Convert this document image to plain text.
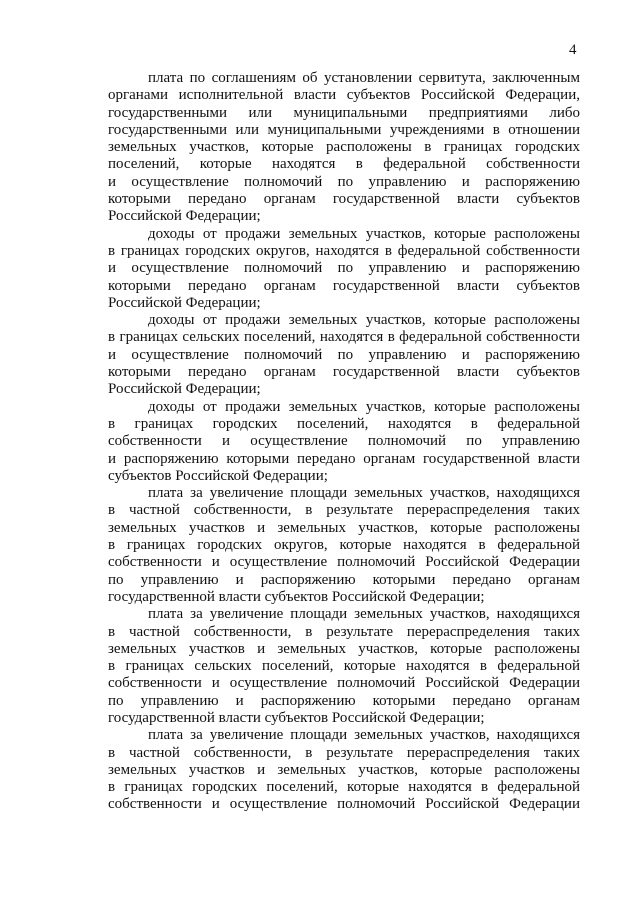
4
плата по соглашениям об установлении сервитута, заключенным
органами исполнительной власти субъектов Российской Федерации,
государственными или муниципальными предприятиями либо
государственными или муниципальными учреждениями в отношении
земельных участков, которые расположены в границах городских
поселений, которые находятся в федеральной собственности
и осуществление полномочий по управлению и распоряжению
которыми передано органам государственной власти субъектов
Российской Федерации;
доходы от продажи земельных участков, которые расположены
в границах городских округов, находятся в федеральной собственности
и осуществление полномочий по управлению и распоряжению
которыми передано органам государственной власти субъектов
Российской Федерации;
доходы от продажи земельных участков, которые расположены
в границах сельских поселений, находятся в федеральной собственности
и осуществление полномочий по управлению и распоряжению
которыми передано органам государственной власти субъектов
Российской Федерации;
доходы от продажи земельных участков, которые расположены
в границах городских поселений, находятся в федеральной
собственности и осуществление полномочий по управлению
и распоряжению которыми передано органам государственной власти
субъектов Российской Федерации;
плата за увеличение площади земельных участков, находящихся
в частной собственности, в результате перераспределения таких
земельных участков и земельных участков, которые расположены
в границах городских округов, которые находятся в федеральной
собственности и осуществление полномочий Российской Федерации
по управлению и распоряжению которыми передано органам
государственной власти субъектов Российской Федерации;
плата за увеличение площади земельных участков, находящихся
в частной собственности, в результате перераспределения таких
земельных участков и земельных участков, которые расположены
в границах сельских поселений, которые находятся в федеральной
собственности и осуществление полномочий Российской Федерации
по управлению и распоряжению которыми передано органам
государственной власти субъектов Российской Федерации;
плата за увеличение площади земельных участков, находящихся
в частной собственности, в результате перераспределения таких
земельных участков и земельных участков, которые расположены
в границах городских поселений, которые находятся в федеральной
собственности и осуществление полномочий Российской Федерации
